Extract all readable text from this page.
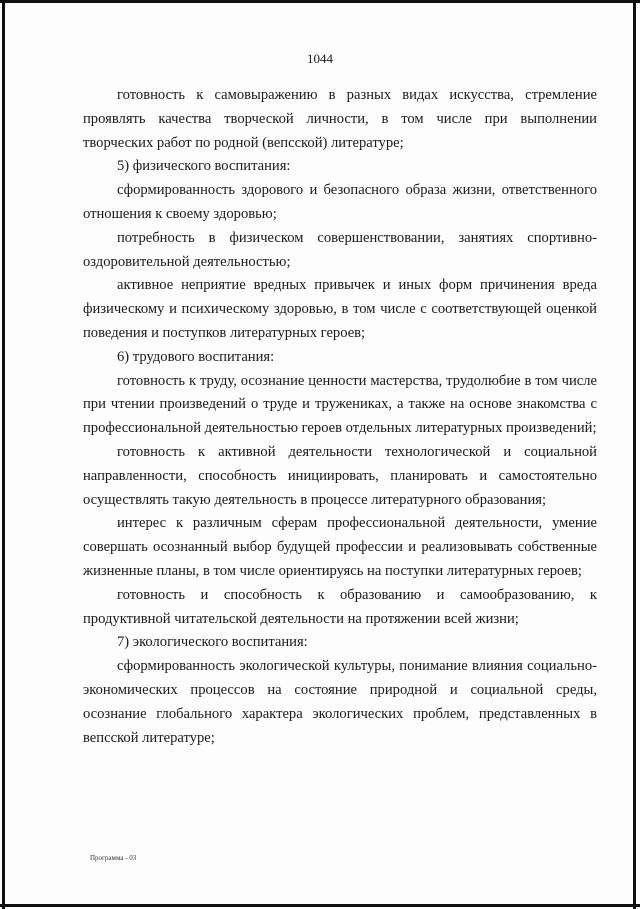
1044

готовность к самовыражению в разных видах искусства, стремление проявлять качества творческой личности, в том числе при выполнении творческих работ по родной (вепсской) литературе;

5) физического воспитания:

сформированность здорового и безопасного образа жизни, ответственного отношения к своему здоровью;

потребность в физическом совершенствовании, занятиях спортивно-оздоровительной деятельностью;

активное неприятие вредных привычек и иных форм причинения вреда физическому и психическому здоровью, в том числе с соответствующей оценкой поведения и поступков литературных героев;

6) трудового воспитания:

готовность к труду, осознание ценности мастерства, трудолюбие в том числе при чтении произведений о труде и тружениках, а также на основе знакомства с профессиональной деятельностью героев отдельных литературных произведений;

готовность к активной деятельности технологической и социальной направленности, способность инициировать, планировать и самостоятельно осуществлять такую деятельность в процессе литературного образования;

интерес к различным сферам профессиональной деятельности, умение совершать осознанный выбор будущей профессии и реализовывать собственные жизненные планы, в том числе ориентируясь на поступки литературных героев;

готовность и способность к образованию и самообразованию, к продуктивной читательской деятельности на протяжении всей жизни;

7) экологического воспитания:

сформированность экологической культуры, понимание влияния социально-экономических процессов на состояние природной и социальной среды, осознание глобального характера экологических проблем, представленных в вепсской литературе;

Программа - 03
